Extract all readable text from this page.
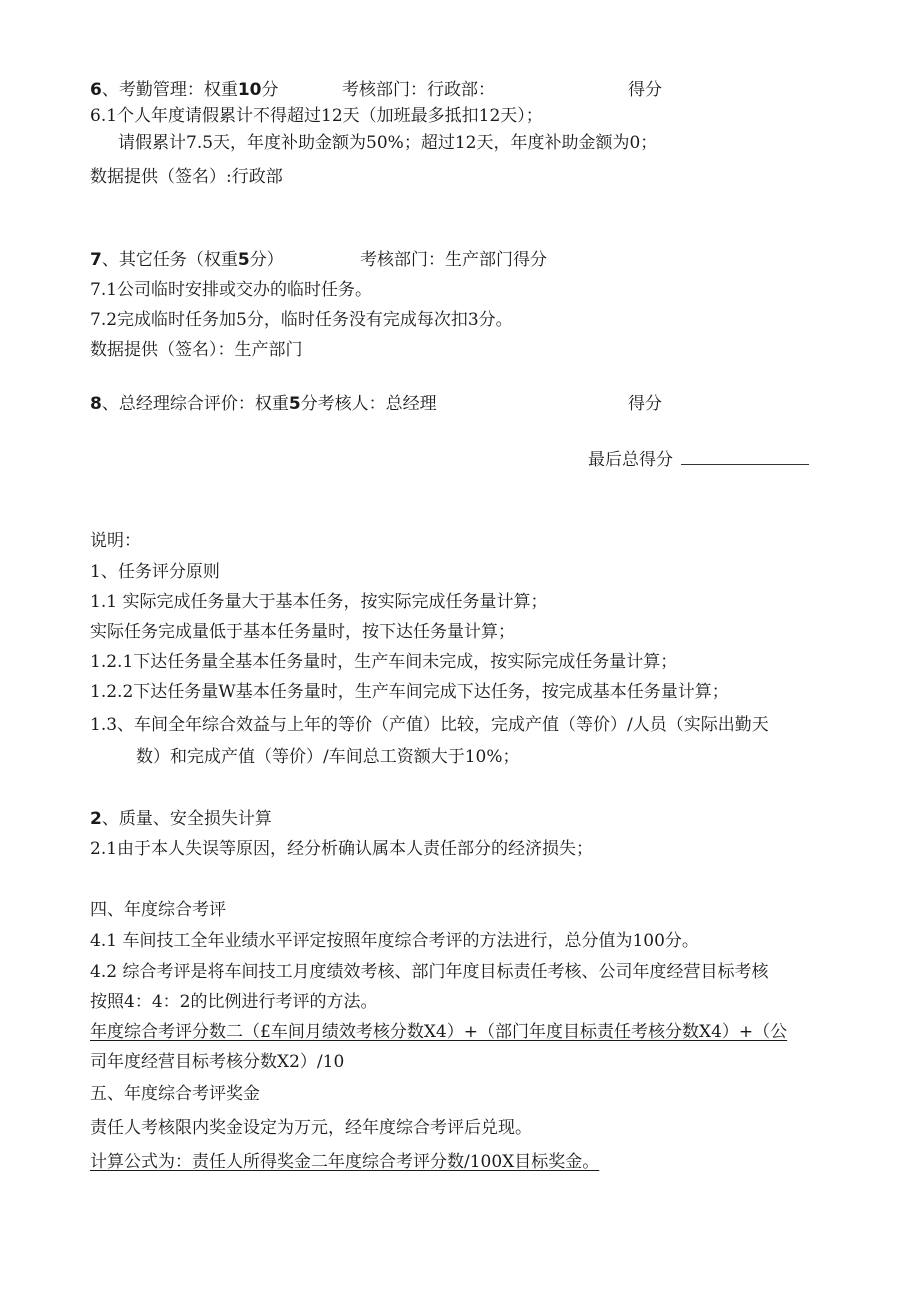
6、考勤管理：权重10分	考核部门：行政部：	得分
6.1个人年度请假累计不得超过12天（加班最多抵扣12天）；
请假累计7.5天，年度补助金额为50%；超过12天，年度补助金额为0；
数据提供（签名）:行政部
7、其它任务（权重5分）	考核部门：生产部门得分
7.1公司临时安排或交办的临时任务。
7.2完成临时任务加5分，临时任务没有完成每次扣3分。
数据提供（签名）：生产部门
8、总经理综合评价：权重5分考核人：总经理	得分
最后总得分
说明：
1、任务评分原则
1.1 实际完成任务量大于基本任务，按实际完成任务量计算；
实际任务完成量低于基本任务量时，按下达任务量计算；
1.2.1下达任务量全基本任务量时，生产车间未完成，按实际完成任务量计算；
1.2.2下达任务量W基本任务量时，生产车间完成下达任务，按完成基本任务量计算；
1.3、车间全年综合效益与上年的等价（产值）比较，完成产值（等价）/人员（实际出勤天
数）和完成产值（等价）/车间总工资额大于10%；
2、质量、安全损失计算
2.1由于本人失误等原因，经分析确认属本人责任部分的经济损失；
四、年度综合考评
4.1 车间技工全年业绩水平评定按照年度综合考评的方法进行，总分值为100分。
4.2 综合考评是将车间技工月度绩效考核、部门年度目标责任考核、公司年度经营目标考核
按照4：4：2的比例进行考评的方法。
年度综合考评分数二（£车间月绩效考核分数X4）+（部门年度目标责任考核分数X4）+（公
司年度经营目标考核分数X2）/10
五、年度综合考评奖金
责任人考核限内奖金设定为万元，经年度综合考评后兑现。
计算公式为：责任人所得奖金二年度综合考评分数/100X目标奖金。
